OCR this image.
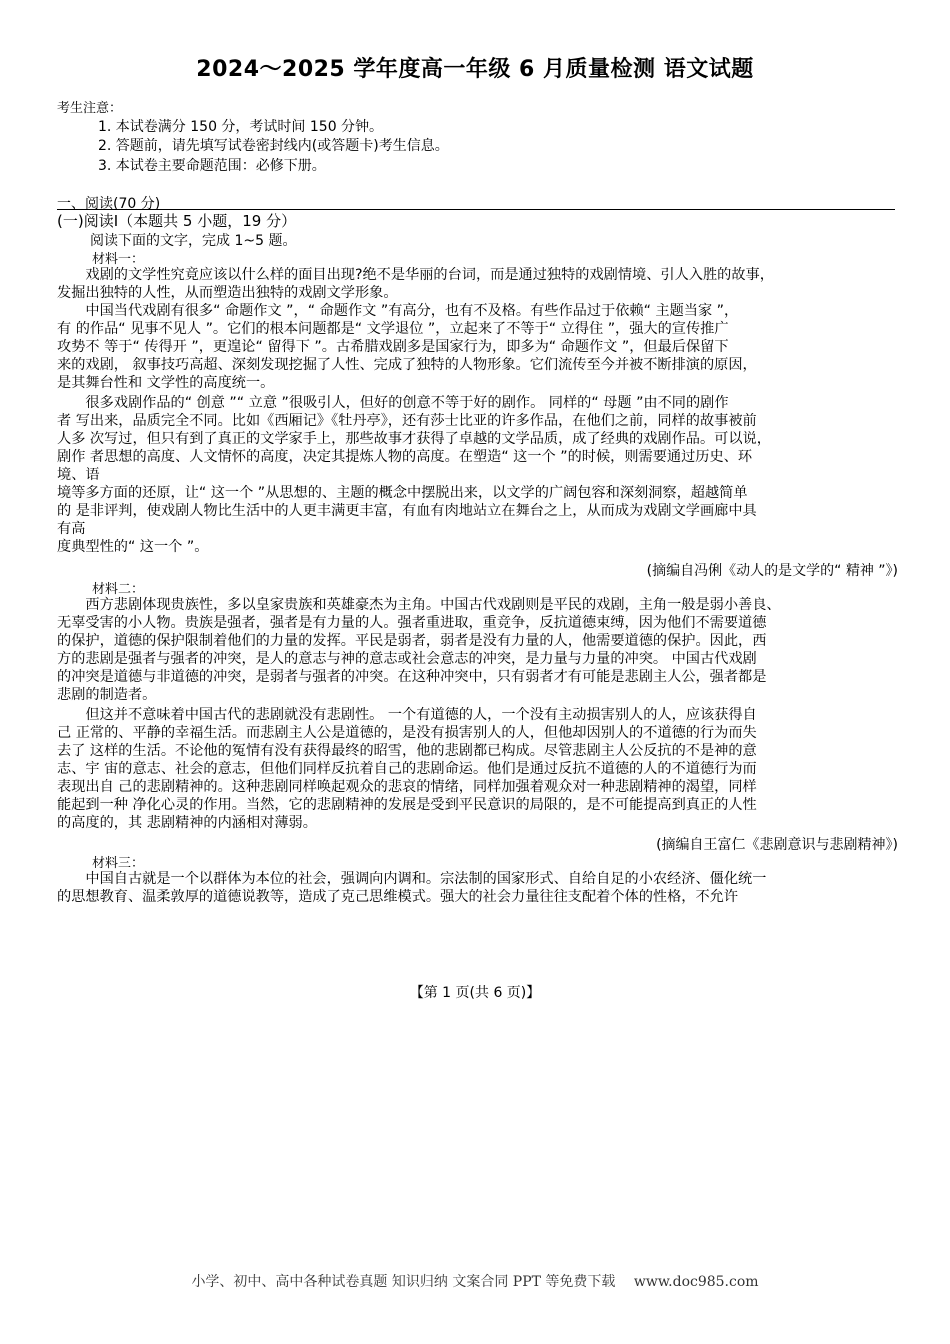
2024～2025 学年度高一年级 6 月质量检测 语文试题
考生注意：
1. 本试卷满分 150 分，考试时间 150 分钟。
2. 答题前，请先填写试卷密封线内(或答题卡)考生信息。
3. 本试卷主要命题范围：必修下册。
一、阅读(70 分)
(一)阅读Ⅰ（本题共 5 小题，19 分）
阅读下面的文字，完成 1~5 题。
材料一：

　　戏剧的文学性究竟应该以什么样的面目出现?绝不是华丽的台词，而是通过独特的戏剧情境、引人入胜的故事，
发掘出独特的人性，从而塑造出独特的戏剧文学形象。

　　中国当代戏剧有很多“ 命题作文 ”，“ 命题作文 ”有高分，也有不及格。有些作品过于依赖“ 主题当家 ”，
有 的作品“ 见事不见人 ”。它们的根本问题都是“ 文学退位 ”，立起来了不等于“ 立得住 ”，强大的宣传推广
攻势不 等于“ 传得开 ”，更遑论“ 留得下 ”。古希腊戏剧多是国家行为，即多为“ 命题作文 ”，但最后保留下
来的戏剧， 叙事技巧高超、深刻发现挖掘了人性、完成了独特的人物形象。它们流传至今并被不断排演的原因，
是其舞台性和 文学性的高度统一。

　　很多戏剧作品的“ 创意 ”“ 立意 ”很吸引人，但好的创意不等于好的剧作。 同样的“ 母题 ”由不同的剧作
者 写出来，品质完全不同。比如《西厢记》《牡丹亭》，还有莎士比亚的许多作品，在他们之前，同样的故事被前
人多 次写过，但只有到了真正的文学家手上，那些故事才获得了卓越的文学品质，成了经典的戏剧作品。可以说，
剧作 者思想的高度、人文情怀的高度，决定其提炼人物的高度。在塑造“ 这一个 ”的时候，则需要通过历史、环
境、语
境等多方面的还原，让“ 这一个 ”从思想的、主题的概念中摆脱出来，以文学的广阔包容和深刻洞察，超越简单
的 是非评判，使戏剧人物比生活中的人更丰满更丰富，有血有肉地站立在舞台之上，从而成为戏剧文学画廊中具
有高
度典型性的“ 这一个 ”。

(摘编自冯俐《动人的是文学的“ 精神 ”》)
材料二：

　　西方悲剧体现贵族性，多以皇家贵族和英雄豪杰为主角。中国古代戏剧则是平民的戏剧，主角一般是弱小善良、
无辜受害的小人物。贵族是强者，强者是有力量的人。强者重进取，重竞争，反抗道德束缚，因为他们不需要道德
的保护，道德的保护限制着他们的力量的发挥。平民是弱者，弱者是没有力量的人，他需要道德的保护。因此，西
方的悲剧是强者与强者的冲突，是人的意志与神的意志或社会意志的冲突，是力量与力量的冲突。 中国古代戏剧
的冲突是道德与非道德的冲突，是弱者与强者的冲突。在这种冲突中，只有弱者才有可能是悲剧主人公，强者都是
悲剧的制造者。

　　但这并不意味着中国古代的悲剧就没有悲剧性。 一个有道德的人，一个没有主动损害别人的人，应该获得自
己 正常的、平静的幸福生活。而悲剧主人公是道德的，是没有损害别人的人，但他却因别人的不道德的行为而失
去了 这样的生活。不论他的冤情有没有获得最终的昭雪，他的悲剧都已构成。尽管悲剧主人公反抗的不是神的意
志、宇 宙的意志、社会的意志，但他们同样反抗着自己的悲剧命运。他们是通过反抗不道德的人的不道德行为而
表现出自 己的悲剧精神的。这种悲剧同样唤起观众的悲哀的情绪，同样加强着观众对一种悲剧精神的渴望，同样
能起到一种 净化心灵的作用。当然，它的悲剧精神的发展是受到平民意识的局限的，是不可能提高到真正的人性
的高度的，其 悲剧精神的内涵相对薄弱。

(摘编自王富仁《悲剧意识与悲剧精神》)
材料三：

　　中国自古就是一个以群体为本位的社会，强调向内调和。宗法制的国家形式、自给自足的小农经济、僵化统一
的思想教育、温柔敦厚的道德说教等，造成了克己思维模式。强大的社会力量往往支配着个体的性格，不允许

【第 1 页(共 6 页)】
小学、初中、高中各种试卷真题 知识归纳 文案合同 PPT 等免费下载　 www.doc985.com
